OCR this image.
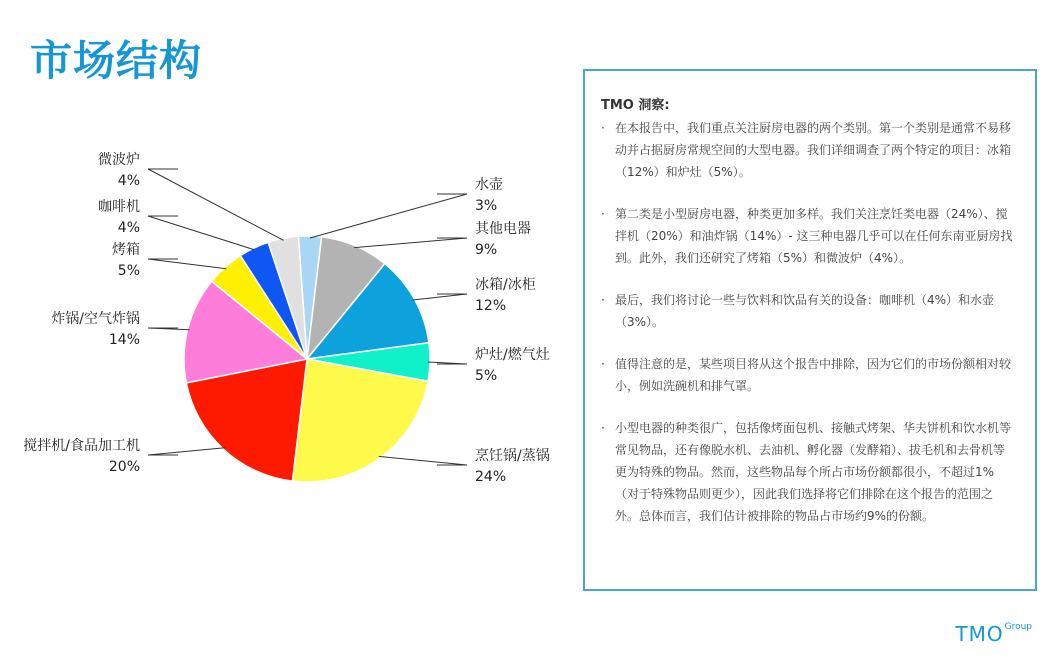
市场结构
水壶
3%
其他电器
9%
冰箱/冰柜
12%
炉灶/燃气灶
5%
烹饪锅/蒸锅
24%
搅拌机/食品加工机
20%
炸锅/空气炸锅
14%
烤箱
5%
咖啡机
4%
微波炉
4%
TMO 洞察:
· 在本报告中，我们重点关注厨房电器的两个类别。第一个类别是通常不易移动并占据厨房常规空间的大型电器。我们详细调查了两个特定的项目：冰箱（12%）和炉灶（5%）。
· 第二类是小型厨房电器，种类更加多样。我们关注烹饪类电器（24%）、搅拌机（20%）和油炸锅（14%）- 这三种电器几乎可以在任何东南亚厨房找到。此外，我们还研究了烤箱（5%）和微波炉（4%）。
· 最后，我们将讨论一些与饮料和饮品有关的设备：咖啡机（4%）和水壶（3%）。
· 值得注意的是，某些项目将从这个报告中排除，因为它们的市场份额相对较小，例如洗碗机和排气罩。
· 小型电器的种类很广，包括像烤面包机、接触式烤架、华夫饼机和饮水机等常见物品，还有像脱水机、去油机、孵化器（发酵箱）、拔毛机和去骨机等更为特殊的物品。然而，这些物品每个所占市场份额都很小，不超过1%（对于特殊物品则更少），因此我们选择将它们排除在这个报告的范围之外。总体而言，我们估计被排除的物品占市场约9%的份额。
$TMO^{Group}$
